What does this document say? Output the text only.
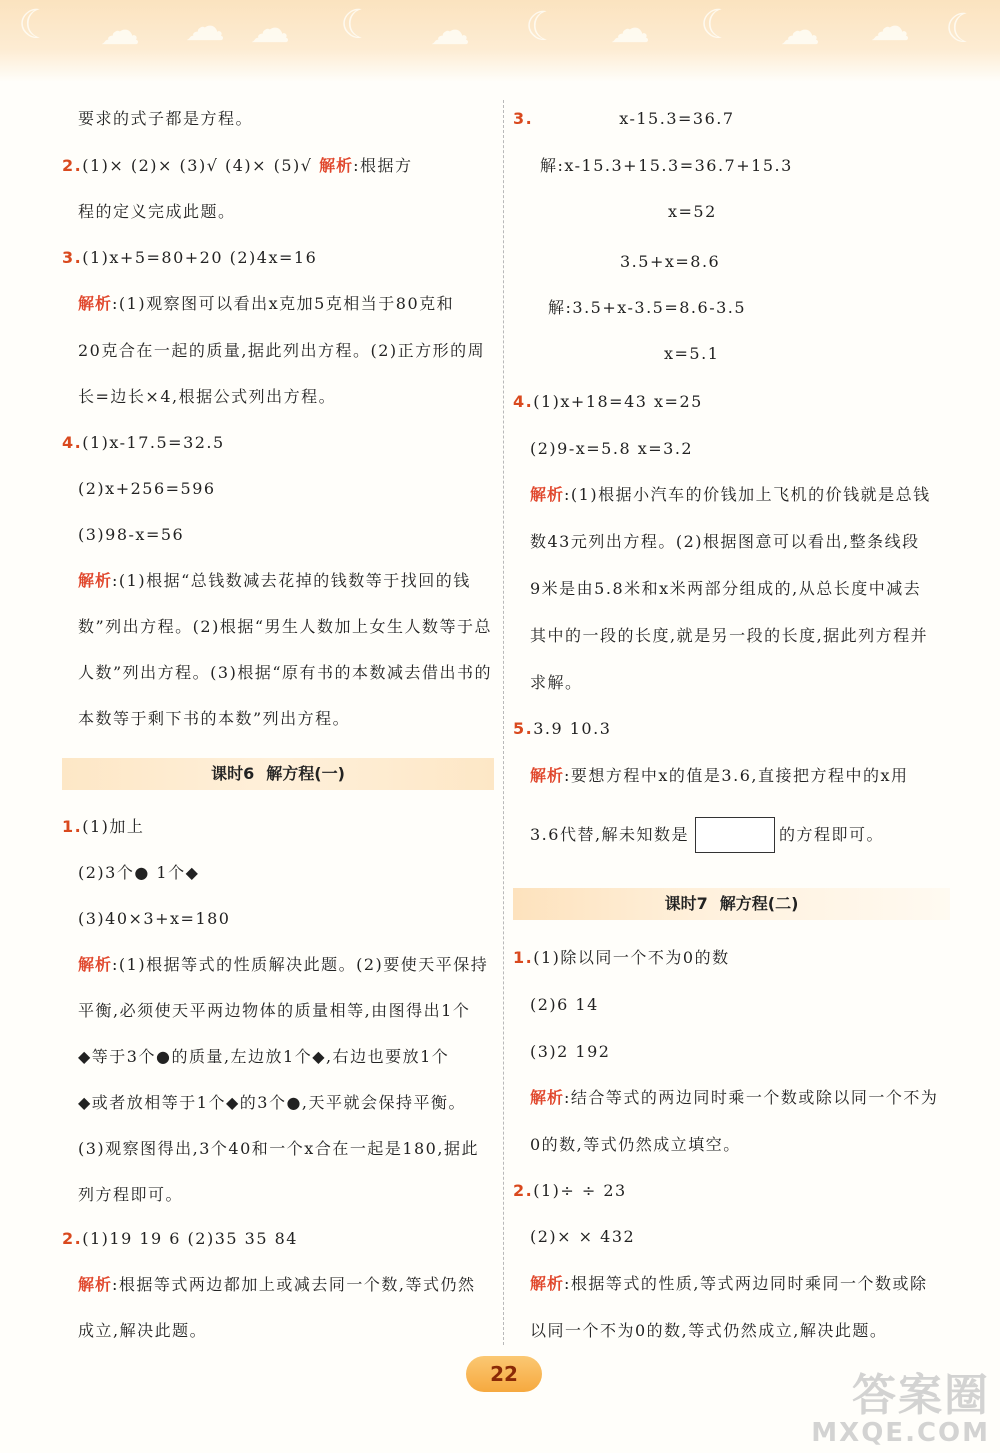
☾ ☁ ☁ ☁ ☾ ☁ ☾ ☁ ☾ ☁ ☁ ☾
要求的式子都是方程。
2.(1)× (2)× (3)√ (4)× (5)√ 解析:根据方
程的定义完成此题。
3.(1)x+5=80+20 (2)4x=16
解析:(1)观察图可以看出x克加5克相当于80克和
20克合在一起的质量,据此列出方程。(2)正方形的周
长=边长×4,根据公式列出方程。
4.(1)x-17.5=32.5
(2)x+256=596
(3)98-x=56
解析:(1)根据“总钱数减去花掉的钱数等于找回的钱
数”列出方程。(2)根据“男生人数加上女生人数等于总
人数”列出方程。(3)根据“原有书的本数减去借出书的
本数等于剩下书的本数”列出方程。
课时6 解方程(一)
1.(1)加上
(2)3个● 1个◆
(3)40×3+x=180
解析:(1)根据等式的性质解决此题。(2)要使天平保持
平衡,必须使天平两边物体的质量相等,由图得出1个
◆等于3个●的质量,左边放1个◆,右边也要放1个
◆或者放相等于1个◆的3个●,天平就会保持平衡。
(3)观察图得出,3个40和一个x合在一起是180,据此
列方程即可。
2.(1)19 19 6 (2)35 35 84
解析:根据等式两边都加上或减去同一个数,等式仍然
成立,解决此题。
3.	x-15.3=36.7
解:x-15.3+15.3=36.7+15.3
x=52
3.5+x=8.6
解:3.5+x-3.5=8.6-3.5
x=5.1
4.(1)x+18=43 x=25
(2)9-x=5.8 x=3.2
解析:(1)根据小汽车的价钱加上飞机的价钱就是总钱
数43元列出方程。(2)根据图意可以看出,整条线段
9米是由5.8米和x米两部分组成的,从总长度中减去
其中的一段的长度,就是另一段的长度,据此列方程并
求解。
5.3.9 10.3
解析:要想方程中x的值是3.6,直接把方程中的x用
3.6代替,解未知数是	的方程即可。
课时7 解方程(二)
1.(1)除以同一个不为0的数
(2)6 14
(3)2 192
解析:结合等式的两边同时乘一个数或除以同一个不为
0的数,等式仍然成立填空。
2.(1)÷ ÷ 23
(2)× × 432
解析:根据等式的性质,等式两边同时乘同一个数或除
以同一个不为0的数,等式仍然成立,解决此题。
22	答案圈
MXQE.COM
